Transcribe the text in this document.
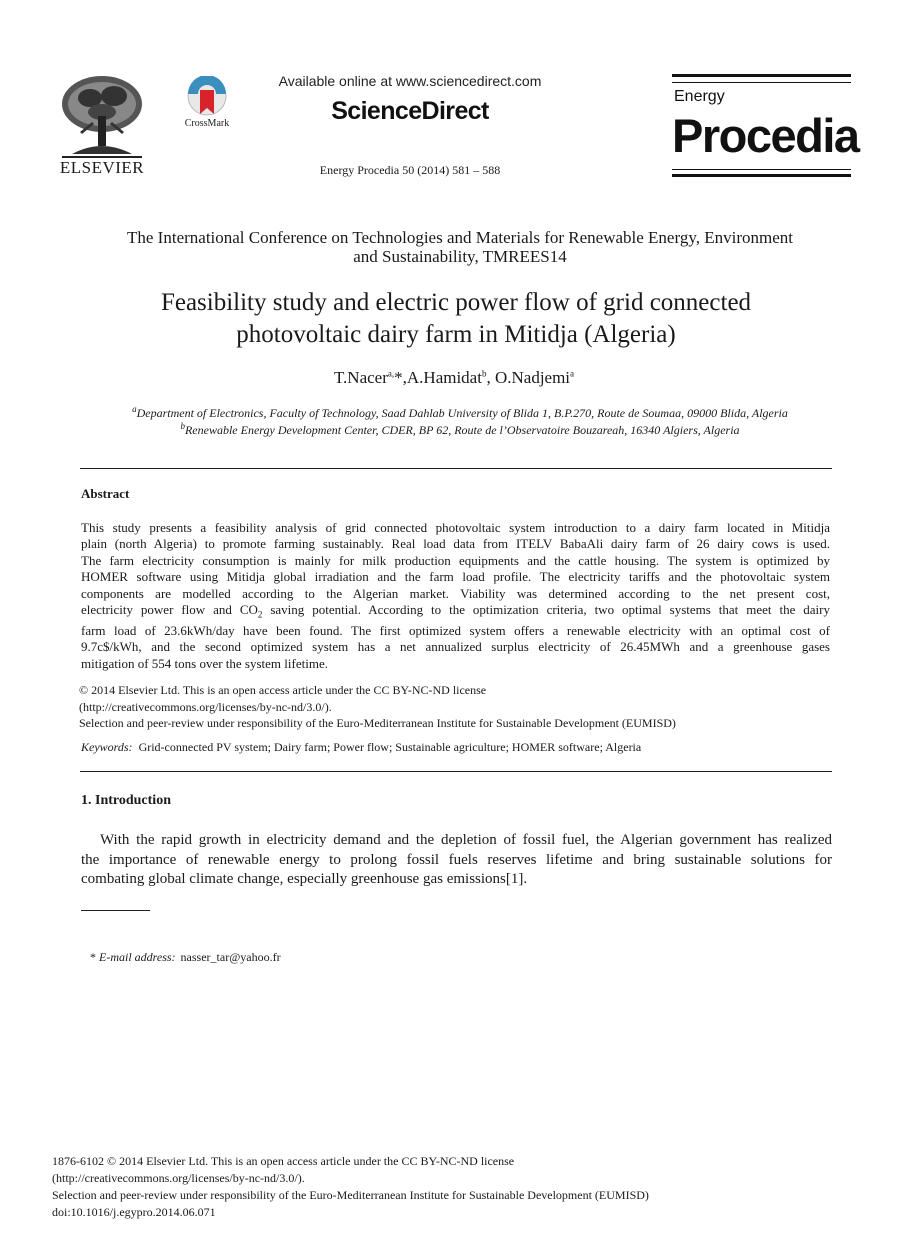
ELSEVIER
CrossMark
Available online at www.sciencedirect.com
ScienceDirect
Energy Procedia 50 (2014) 581 – 588
Energy
Procedia
The International Conference on Technologies and Materials for Renewable Energy, Environment
and Sustainability, TMREES14
Feasibility study and electric power flow of grid connected
photovoltaic dairy farm in Mitidja (Algeria)
T.Nacer$^{a,}$*,A.Hamidat$^b$, O.Nadjemi$^a$
$^a$Department of Electronics, Faculty of Technology, Saad Dahlab University of Blida 1, B.P.270, Route de Soumaa, 09000 Blida, Algeria
$^b$Renewable Energy Development Center, CDER, BP 62, Route de l’Observatoire Bouzareah, 16340 Algiers, Algeria
Abstract
This study presents a feasibility analysis of grid connected photovoltaic system introduction to a dairy farm located in Mitidja
plain (north Algeria) to promote farming sustainably. Real load data from ITELV BabaAli dairy farm of 26 dairy cows is used.
The farm electricity consumption is mainly for milk production equipments and the cattle housing. The system is optimized by
HOMER software using Mitidja global irradiation and the farm load profile. The electricity tariffs and the photovoltaic system
components are modelled according to the Algerian market. Viability was determined according to the net present cost,
electricity power flow and $CO_2$ saving potential. According to the optimization criteria, two optimal systems that meet the dairy
farm load of 23.6kWh/day have been found. The first optimized system offers a renewable electricity with an optimal cost of
9.7c$/kWh, and the second optimized system has a net annualized surplus electricity of 26.45MWh and a greenhouse gases
mitigation of 554 tons over the system lifetime.
© 2014 Elsevier Ltd. This is an open access article under the CC BY-NC-ND license
(http://creativecommons.org/licenses/by-nc-nd/3.0/).
Selection and peer-review under responsibility of the Euro-Mediterranean Institute for Sustainable Development (EUMISD)
Keywords: Grid-connected PV system; Dairy farm; Power flow; Sustainable agriculture; HOMER software; Algeria
1. Introduction
With the rapid growth in electricity demand and the depletion of fossil fuel, the Algerian government has realized
the importance of renewable energy to prolong fossil fuels reserves lifetime and bring sustainable solutions for
combating global climate change, especially greenhouse gas emissions[1].
* E-mail address: nasser_tar@yahoo.fr
1876-6102 © 2014 Elsevier Ltd. This is an open access article under the CC BY-NC-ND license
(http://creativecommons.org/licenses/by-nc-nd/3.0/).
Selection and peer-review under responsibility of the Euro-Mediterranean Institute for Sustainable Development (EUMISD)
doi:10.1016/j.egypro.2014.06.071
